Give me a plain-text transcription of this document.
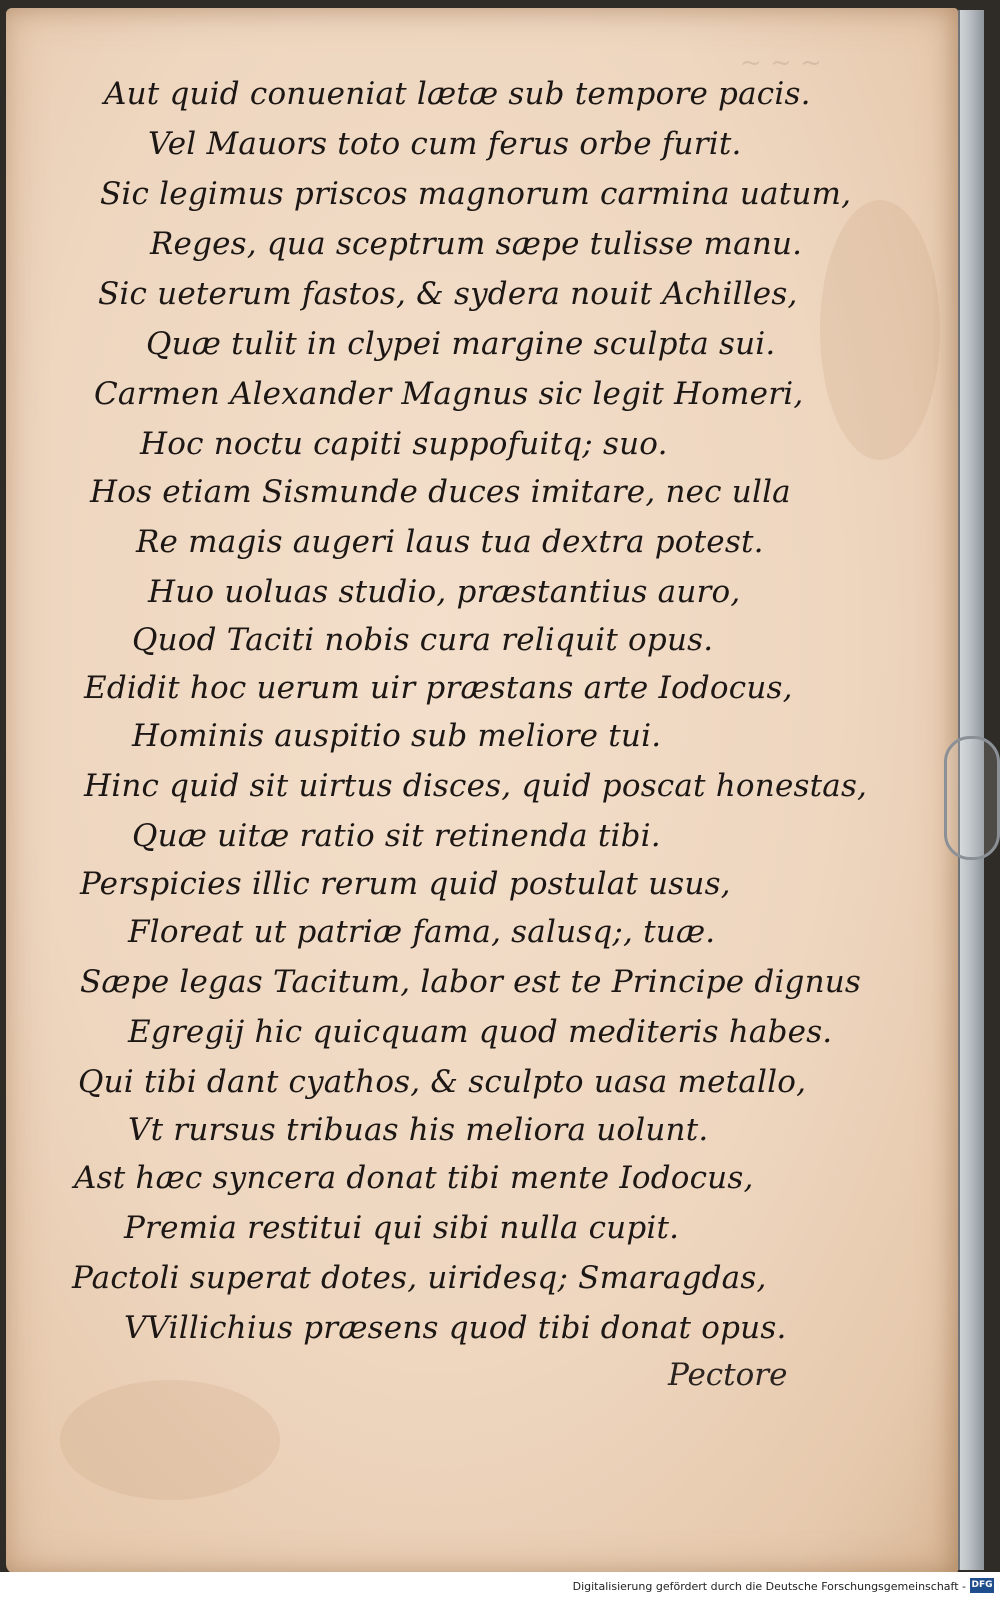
~ ~ ~
Aut quid conueniat lætæ sub tempore pacis.
Vel Mauors toto cum ferus orbe furit.
Sic legimus priscos magnorum carmina uatum,
Reges, qua sceptrum sæpe tulisse manu.
Sic ueterum fastos, & sydera nouit Achilles,
Quæ tulit in clypei margine sculpta sui.
Carmen Alexander Magnus sic legit Homeri,
Hoc noctu capiti suppofuitq; suo.
Hos etiam Sismunde duces imitare, nec ulla
Re magis augeri laus tua dextra potest.
Huo uoluas studio, præstantius auro,
Quod Taciti nobis cura reliquit opus.
Edidit hoc uerum uir præstans arte Iodocus,
Hominis auspitio sub meliore tui.
Hinc quid sit uirtus disces, quid poscat honestas,
Quæ uitæ ratio sit retinenda tibi.
Perspicies illic rerum quid postulat usus,
Floreat ut patriæ fama, salusq;, tuæ.
Sæpe legas Tacitum, labor est te Principe dignus
Egregij hic quicquam quod mediteris habes.
Qui tibi dant cyathos, & sculpto uasa metallo,
Vt rursus tribuas his meliora uolunt.
Ast hæc syncera donat tibi mente Iodocus,
Premia restitui qui sibi nulla cupit.
Pactoli superat dotes, uiridesq; Smaragdas,
VVillichius præsens quod tibi donat opus.
Pectore
Digitalisierung gefördert durch die Deutsche Forschungsgemeinschaft - DFG
